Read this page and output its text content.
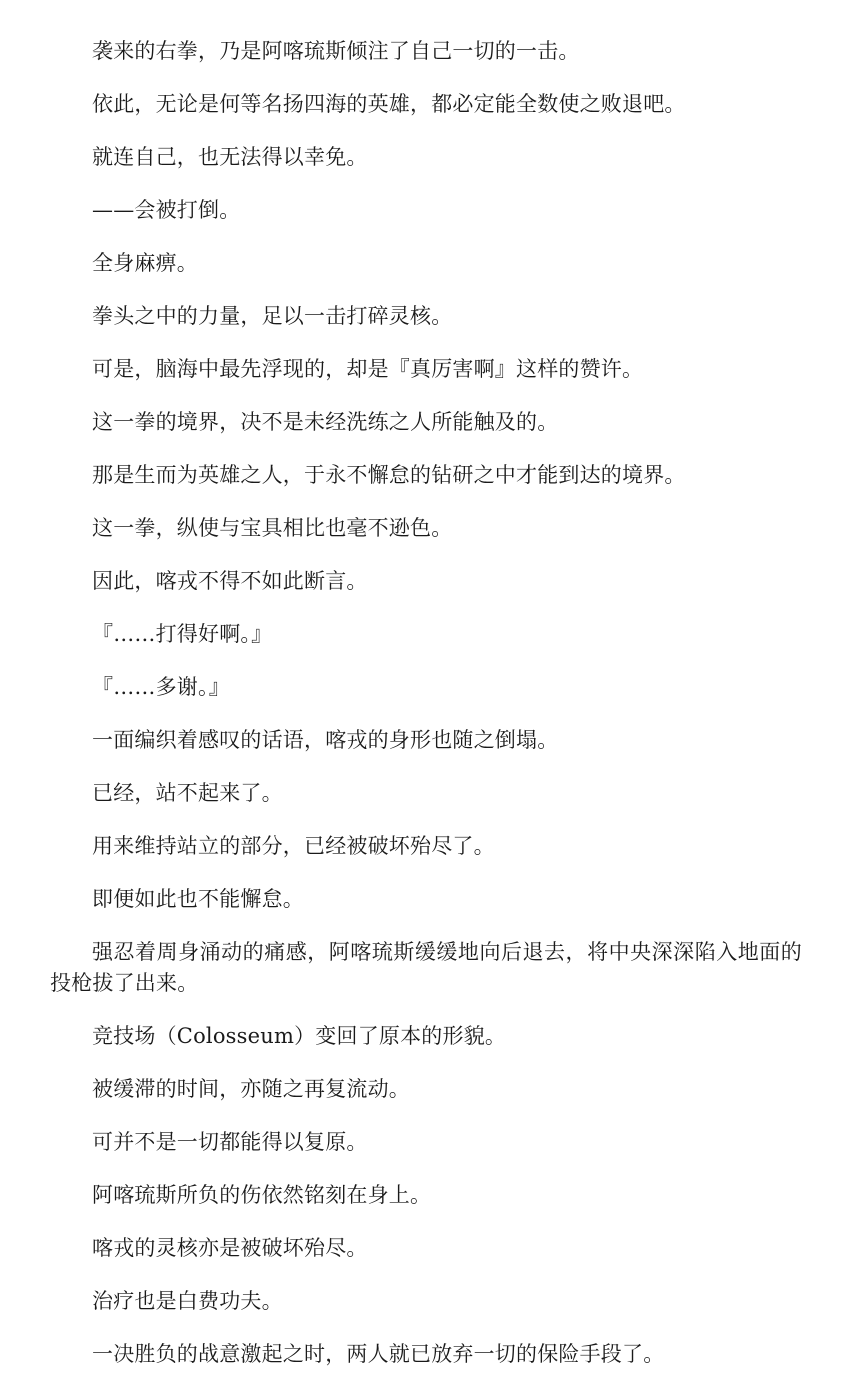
袭来的右拳，乃是阿喀琉斯倾注了自己一切的一击。

依此，无论是何等名扬四海的英雄，都必定能全数使之败退吧。

就连自己，也无法得以幸免。

——会被打倒。

全身麻痹。

拳头之中的力量，足以一击打碎灵核。

可是，脑海中最先浮现的，却是『真厉害啊』这样的赞许。

这一拳的境界，决不是未经洗练之人所能触及的。

那是生而为英雄之人，于永不懈怠的钻研之中才能到达的境界。

这一拳，纵使与宝具相比也毫不逊色。

因此，喀戎不得不如此断言。

『……打得好啊。』

『……多谢。』

一面编织着感叹的话语，喀戎的身形也随之倒塌。

已经，站不起来了。

用来维持站立的部分，已经被破坏殆尽了。

即便如此也不能懈怠。

强忍着周身涌动的痛感，阿喀琉斯缓缓地向后退去，将中央深深陷入地面的投枪拔了出来。

竞技场（Colosseum）变回了原本的形貌。

被缓滞的时间，亦随之再复流动。

可并不是一切都能得以复原。

阿喀琉斯所负的伤依然铭刻在身上。

喀戎的灵核亦是被破坏殆尽。

治疗也是白费功夫。

一决胜负的战意激起之时，两人就已放弃一切的保险手段了。
